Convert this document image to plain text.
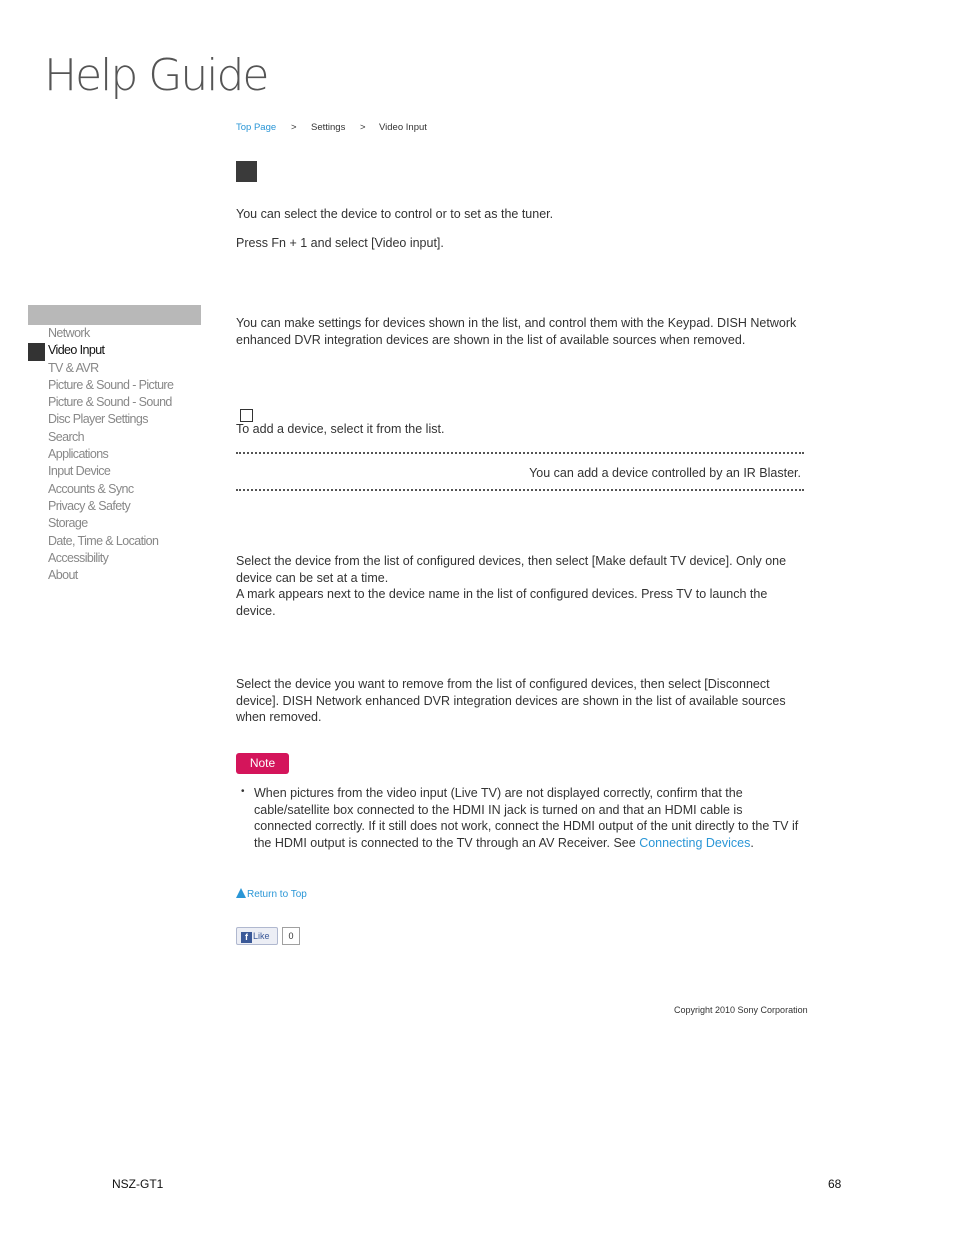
Help Guide
Top Page > Settings > Video Input
You can select the device to control or to set as the tuner.
Press Fn + 1 and select [Video input].
Network
Video Input
TV & AVR
Picture & Sound - Picture
Picture & Sound - Sound
Disc Player Settings
Search
Applications
Input Device
Accounts & Sync
Privacy & Safety
Storage
Date, Time & Location
Accessibility
About
You can make settings for devices shown in the list, and control them with the Keypad. DISH Network enhanced DVR integration devices are shown in the list of available sources when removed.
To add a device, select it from the list.
You can add a device controlled by an IR Blaster.
Select the device from the list of configured devices, then select [Make default TV device]. Only one device can be set at a time.
A mark appears next to the device name in the list of configured devices. Press TV to launch the device.
Select the device you want to remove from the list of configured devices, then select [Disconnect device]. DISH Network enhanced DVR integration devices are shown in the list of available sources when removed.
Note
• When pictures from the video input (Live TV) are not displayed correctly, confirm that the cable/satellite box connected to the HDMI IN jack is turned on and that an HDMI cable is connected correctly. If it still does not work, connect the HDMI output of the unit directly to the TV if the HDMI output is connected to the TV through an AV Receiver. See Connecting Devices.
Return to Top
f Like	0
Copyright 2010 Sony Corporation
NSZ-GT1	68
